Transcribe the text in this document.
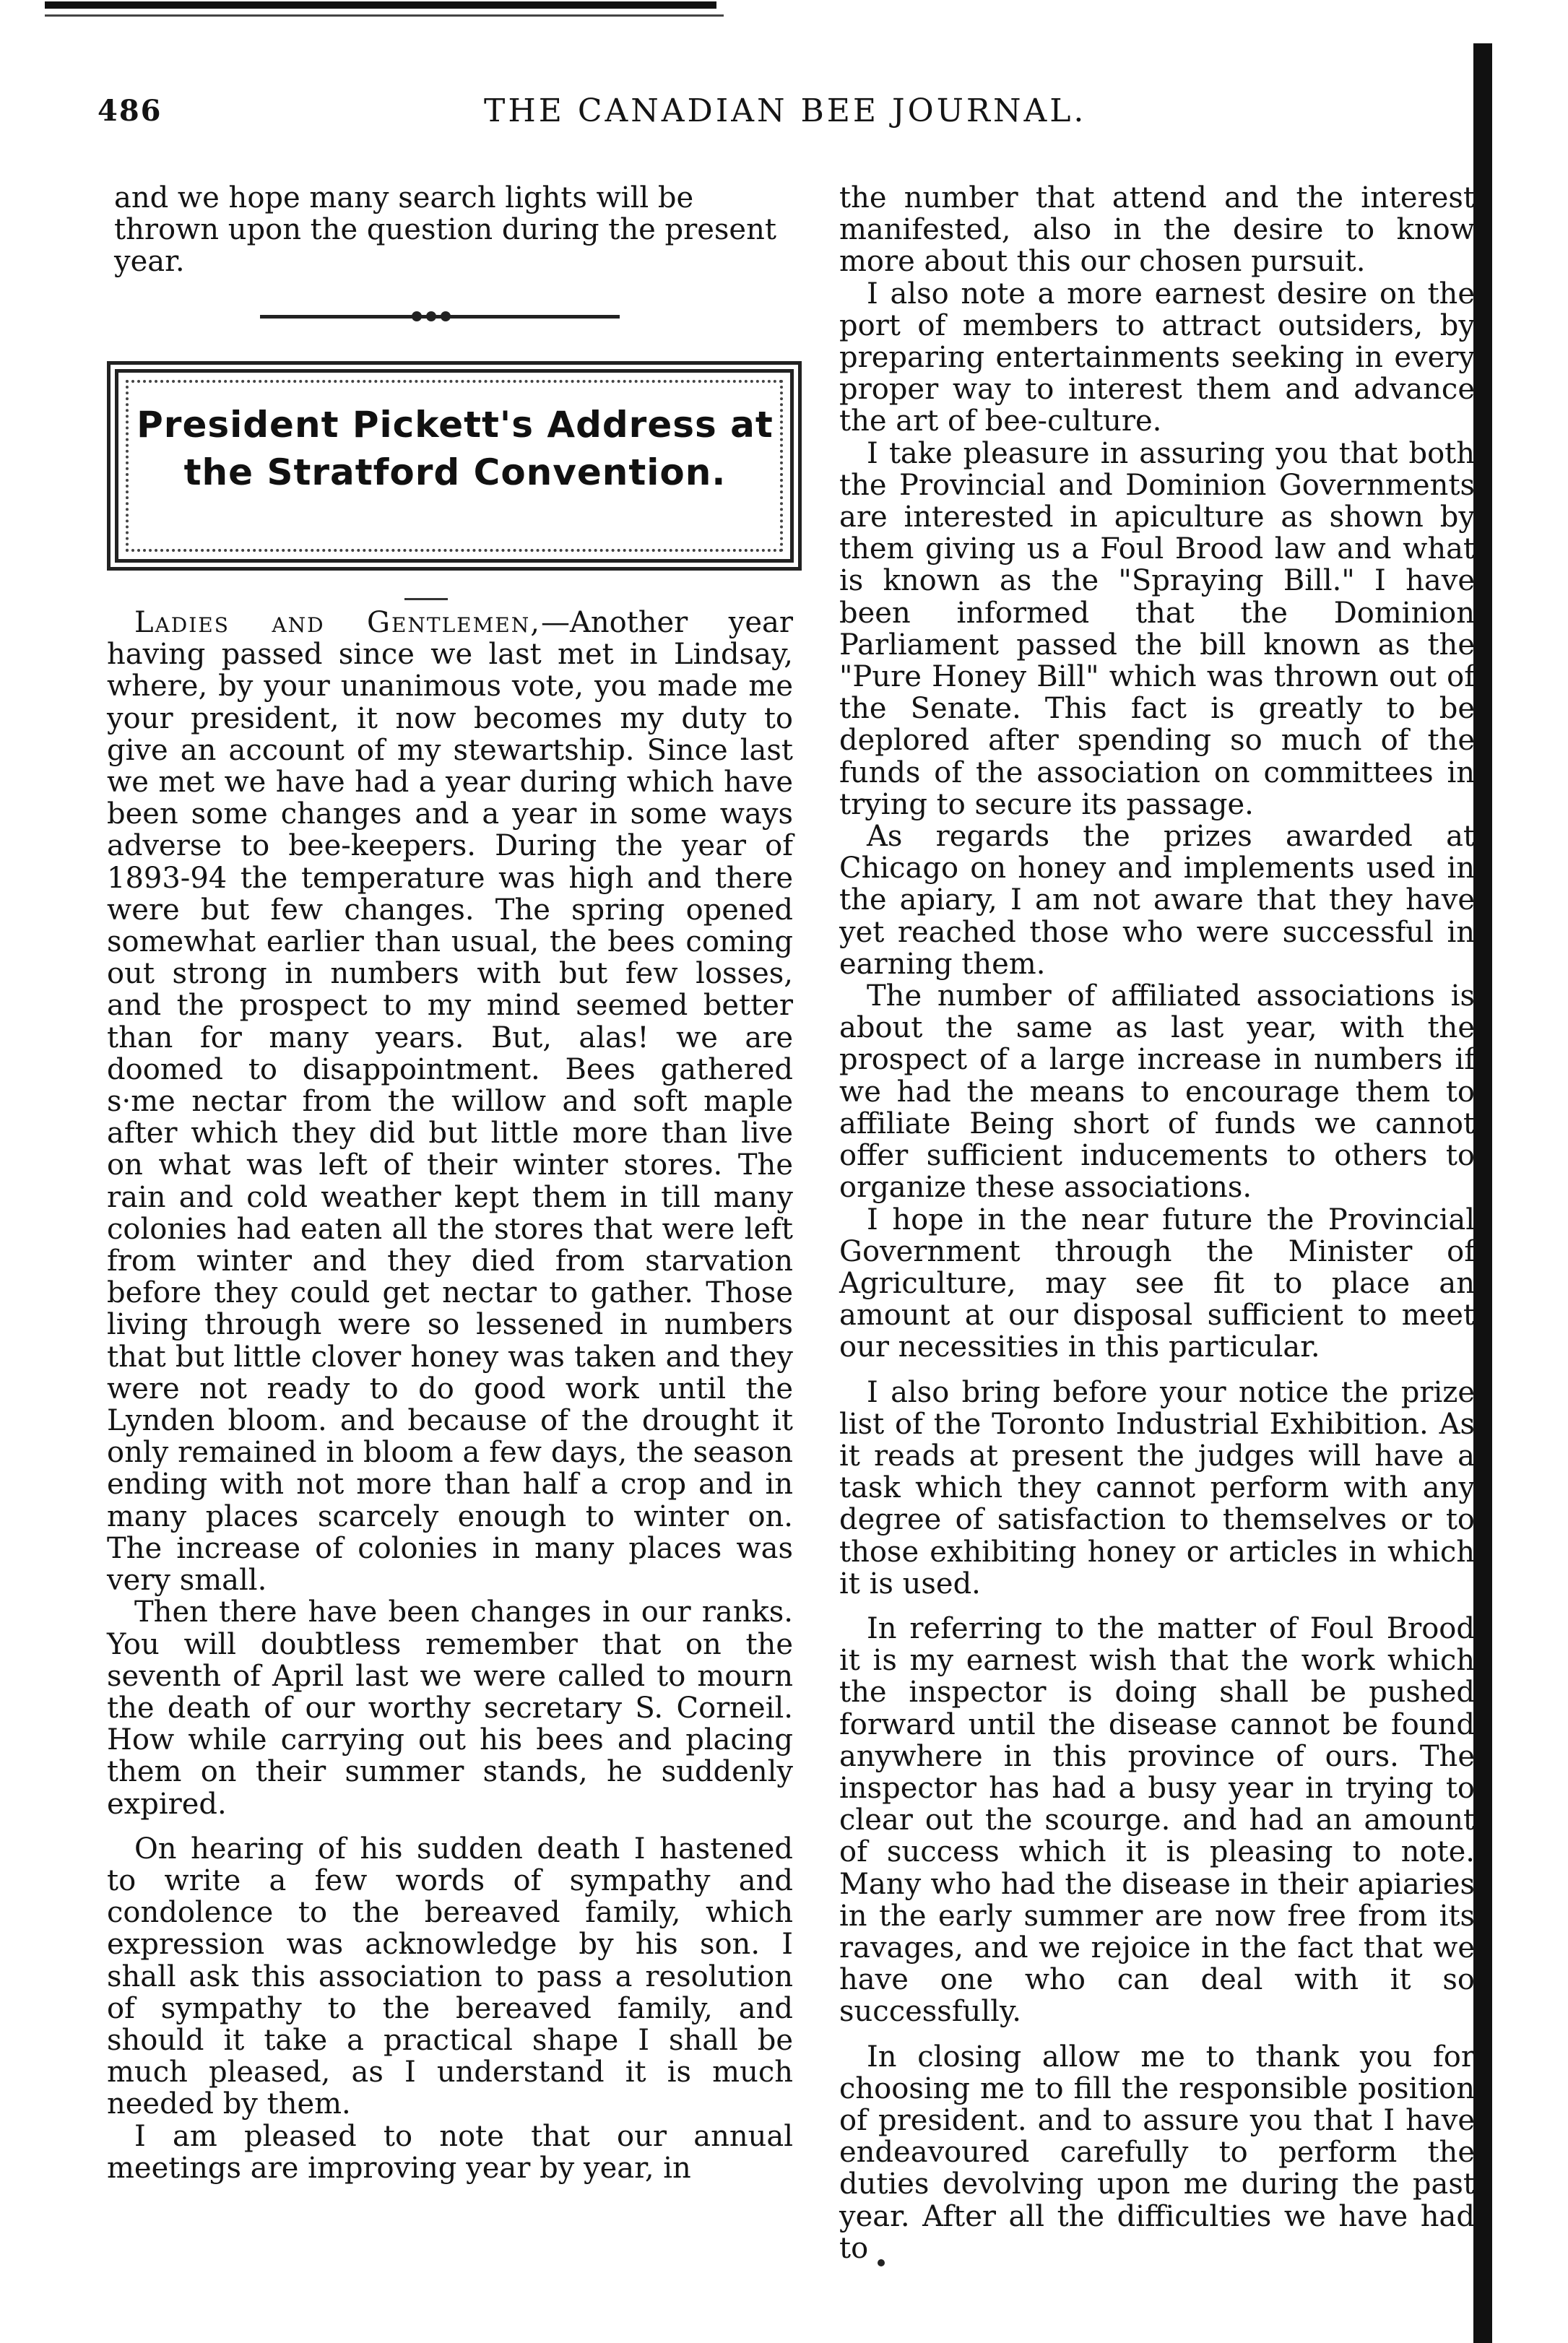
486	THE CANADIAN BEE JOURNAL.
and we hope many search lights will be
thrown upon the question during the present
year.
President Pickett's Address at
the Stratford Convention.

Ladies and Gentlemen,—Another year having passed since we last met in Lindsay, where, by your unanimous vote, you made me your president, it now becomes my duty to give an account of my stewartship. Since last we met we have had a year during which have been some changes and a year in some ways adverse to bee-keepers. During the year of 1893-94 the temperature was high and there were but few changes. The spring opened somewhat earlier than usual, the bees coming out strong in numbers with but few losses, and the prospect to my mind seemed better than for many years. But, alas! we are doomed to disappointment. Bees gathered s·me nectar from the willow and soft maple after which they did but little more than live on what was left of their winter stores. The rain and cold weather kept them in till many colonies had eaten all the stores that were left from winter and they died from starvation before they could get nectar to gather. Those living through were so lessened in numbers that but little clover honey was taken and they were not ready to do good work until the Lynden bloom. and because of the drought it only remained in bloom a few days, the season ending with not more than half a crop and in many places scarcely enough to winter on. The increase of colonies in many places was very small.

Then there have been changes in our ranks. You will doubtless remember that on the seventh of April last we were called to mourn the death of our worthy secretary S. Corneil. How while carrying out his bees and placing them on their summer stands, he suddenly expired.

On hearing of his sudden death I hastened to write a few words of sympathy and condolence to the bereaved family, which expression was acknowledge by his son. I shall ask this association to pass a resolution of sympathy to the bereaved family, and should it take a practical shape I shall be much pleased, as I understand it is much needed by them.

I am pleased to note that our annual meetings are improving year by year, in

the number that attend and the interest manifested, also in the desire to know more about this our chosen pursuit.

I also note a more earnest desire on the port of members to attract outsiders, by preparing entertainments seeking in every proper way to interest them and advance the art of bee-culture.

I take pleasure in assuring you that both the Provincial and Dominion Governments are interested in apiculture as shown by them giving us a Foul Brood law and what is known as the "Spraying Bill." I have been informed that the Dominion Parliament passed the bill known as the "Pure Honey Bill" which was thrown out of the Senate. This fact is greatly to be deplored after spending so much of the funds of the association on committees in trying to secure its passage.

As regards the prizes awarded at Chicago on honey and implements used in the apiary, I am not aware that they have yet reached those who were successful in earning them.

The number of affiliated associations is about the same as last year, with the prospect of a large increase in numbers if we had the means to encourage them to affiliate Being short of funds we cannot offer sufficient inducements to others to organize these associations.

I hope in the near future the Provincial Government through the Minister of Agriculture, may see fit to place an amount at our disposal sufficient to meet our necessities in this particular.

I also bring before your notice the prize list of the Toronto Industrial Exhibition. As it reads at present the judges will have a task which they cannot perform with any degree of satisfaction to themselves or to those exhibiting honey or articles in which it is used.

In referring to the matter of Foul Brood it is my earnest wish that the work which the inspector is doing shall be pushed forward until the disease cannot be found anywhere in this province of ours. The inspector has had a busy year in trying to clear out the scourge. and had an amount of success which it is pleasing to note. Many who had the disease in their apiaries in the early summer are now free from its ravages, and we rejoice in the fact that we have one who can deal with it so successfully.

In closing allow me to thank you for choosing me to fill the responsible position of president. and to assure you that I have endeavoured carefully to perform the duties devolving upon me during the past year. After all the difficulties we have had to
